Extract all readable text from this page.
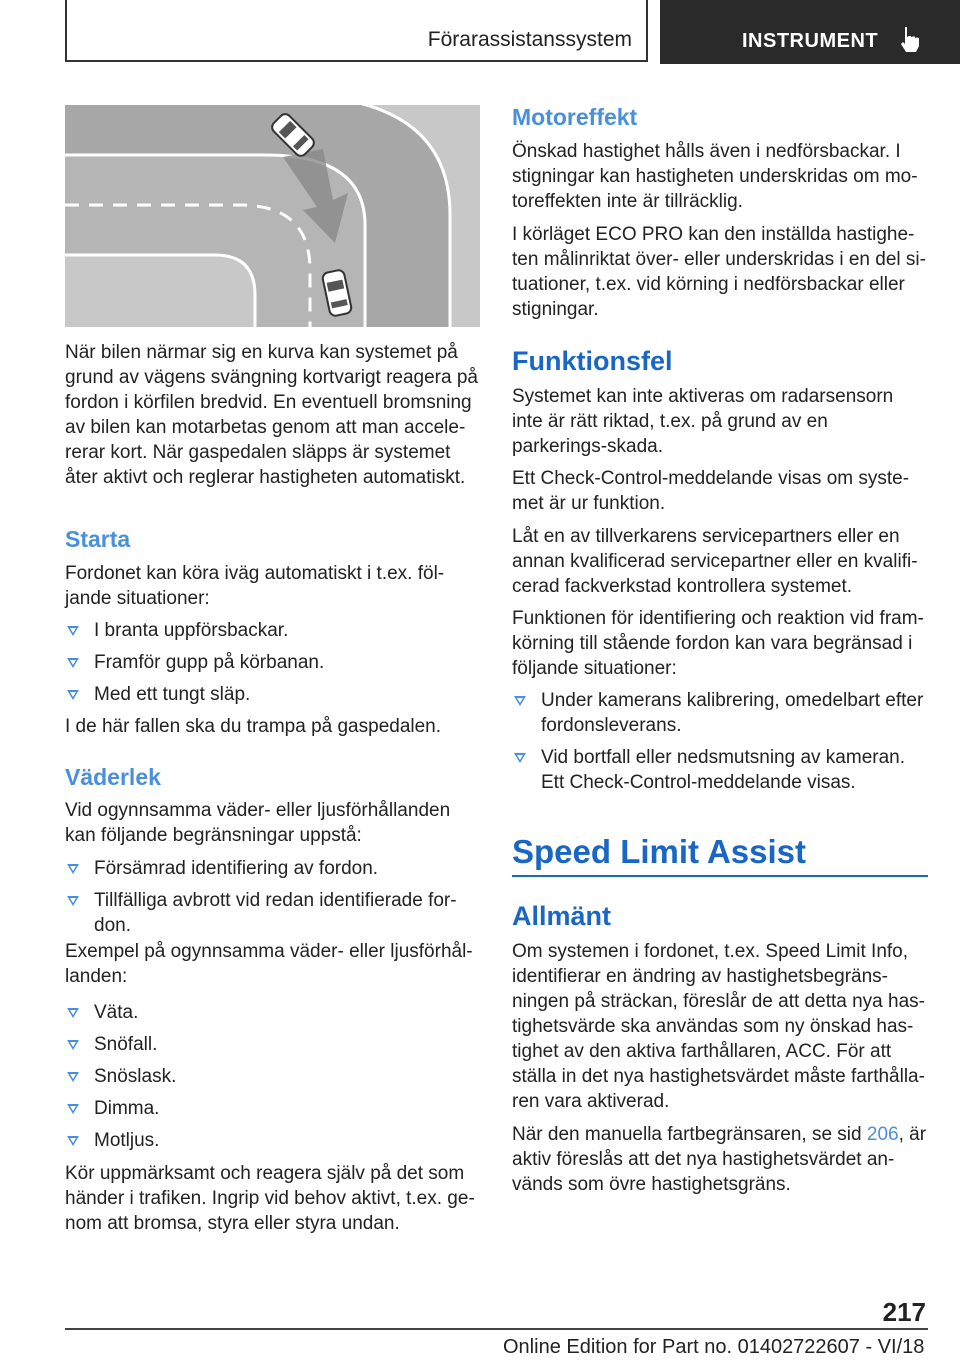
Förarassistanssystem	INSTRUMENT

När bilen närmar sig en kurva kan systemet på grund av vägens svängning kortvarigt reagera på fordon i körfilen bredvid. En eventuell bromsning av bilen kan motarbetas genom att man accele-rerar kort. När gaspedalen släpps är systemet åter aktivt och reglerar hastigheten automatiskt.

Starta

Fordonet kan köra iväg automatiskt i t.ex. föl-jande situationer:

I branta uppförsbackar.
Framför gupp på körbanan.
Med ett tungt släp.

I de här fallen ska du trampa på gaspedalen.

Väderlek

Vid ogynnsamma väder- eller ljusförhållanden kan följande begränsningar uppstå:

Försämrad identifiering av fordon.
Tillfälliga avbrott vid redan identifierade for-don.

Exempel på ogynnsamma väder- eller ljusförhål-landen:

Väta.
Snöfall.
Snöslask.
Dimma.
Motljus.

Kör uppmärksamt och reagera själv på det som händer i trafiken. Ingrip vid behov aktivt, t.ex. ge-nom att bromsa, styra eller styra undan.

Motoreffekt

Önskad hastighet hålls även i nedförsbackar. I stigningar kan hastigheten underskridas om mo-toreffekten inte är tillräcklig.

I körläget ECO PRO kan den inställda hastighe-ten målinriktat över- eller underskridas i en del si-tuationer, t.ex. vid körning i nedförsbackar eller stigningar.

Funktionsfel

Systemet kan inte aktiveras om radarsensorn inte är rätt riktad, t.ex. på grund av en parkerings-skada.

Ett Check-Control-meddelande visas om syste-met är ur funktion.

Låt en av tillverkarens servicepartners eller en annan kvalificerad servicepartner eller en kvalifi-cerad fackverkstad kontrollera systemet.

Funktionen för identifiering och reaktion vid fram-körning till stående fordon kan vara begränsad i följande situationer:

Under kamerans kalibrering, omedelbart efter fordonsleverans.
Vid bortfall eller nedsmutsning av kameran. Ett Check-Control-meddelande visas.
Speed Limit Assist
Allmänt

Om systemen i fordonet, t.ex. Speed Limit Info, identifierar en ändring av hastighetsbegräns-ningen på sträckan, föreslår de att detta nya has-tighetsvärde ska användas som ny önskad has-tighet av den aktiva farthållaren, ACC. För att ställa in det nya hastighetsvärdet måste farthålla-ren vara aktiverad.

När den manuella fartbegränsaren, se sid 206, är aktiv föreslås att det nya hastighetsvärdet an-vänds som övre hastighetsgräns.

217
Online Edition for Part no. 01402722607 - VI/18
